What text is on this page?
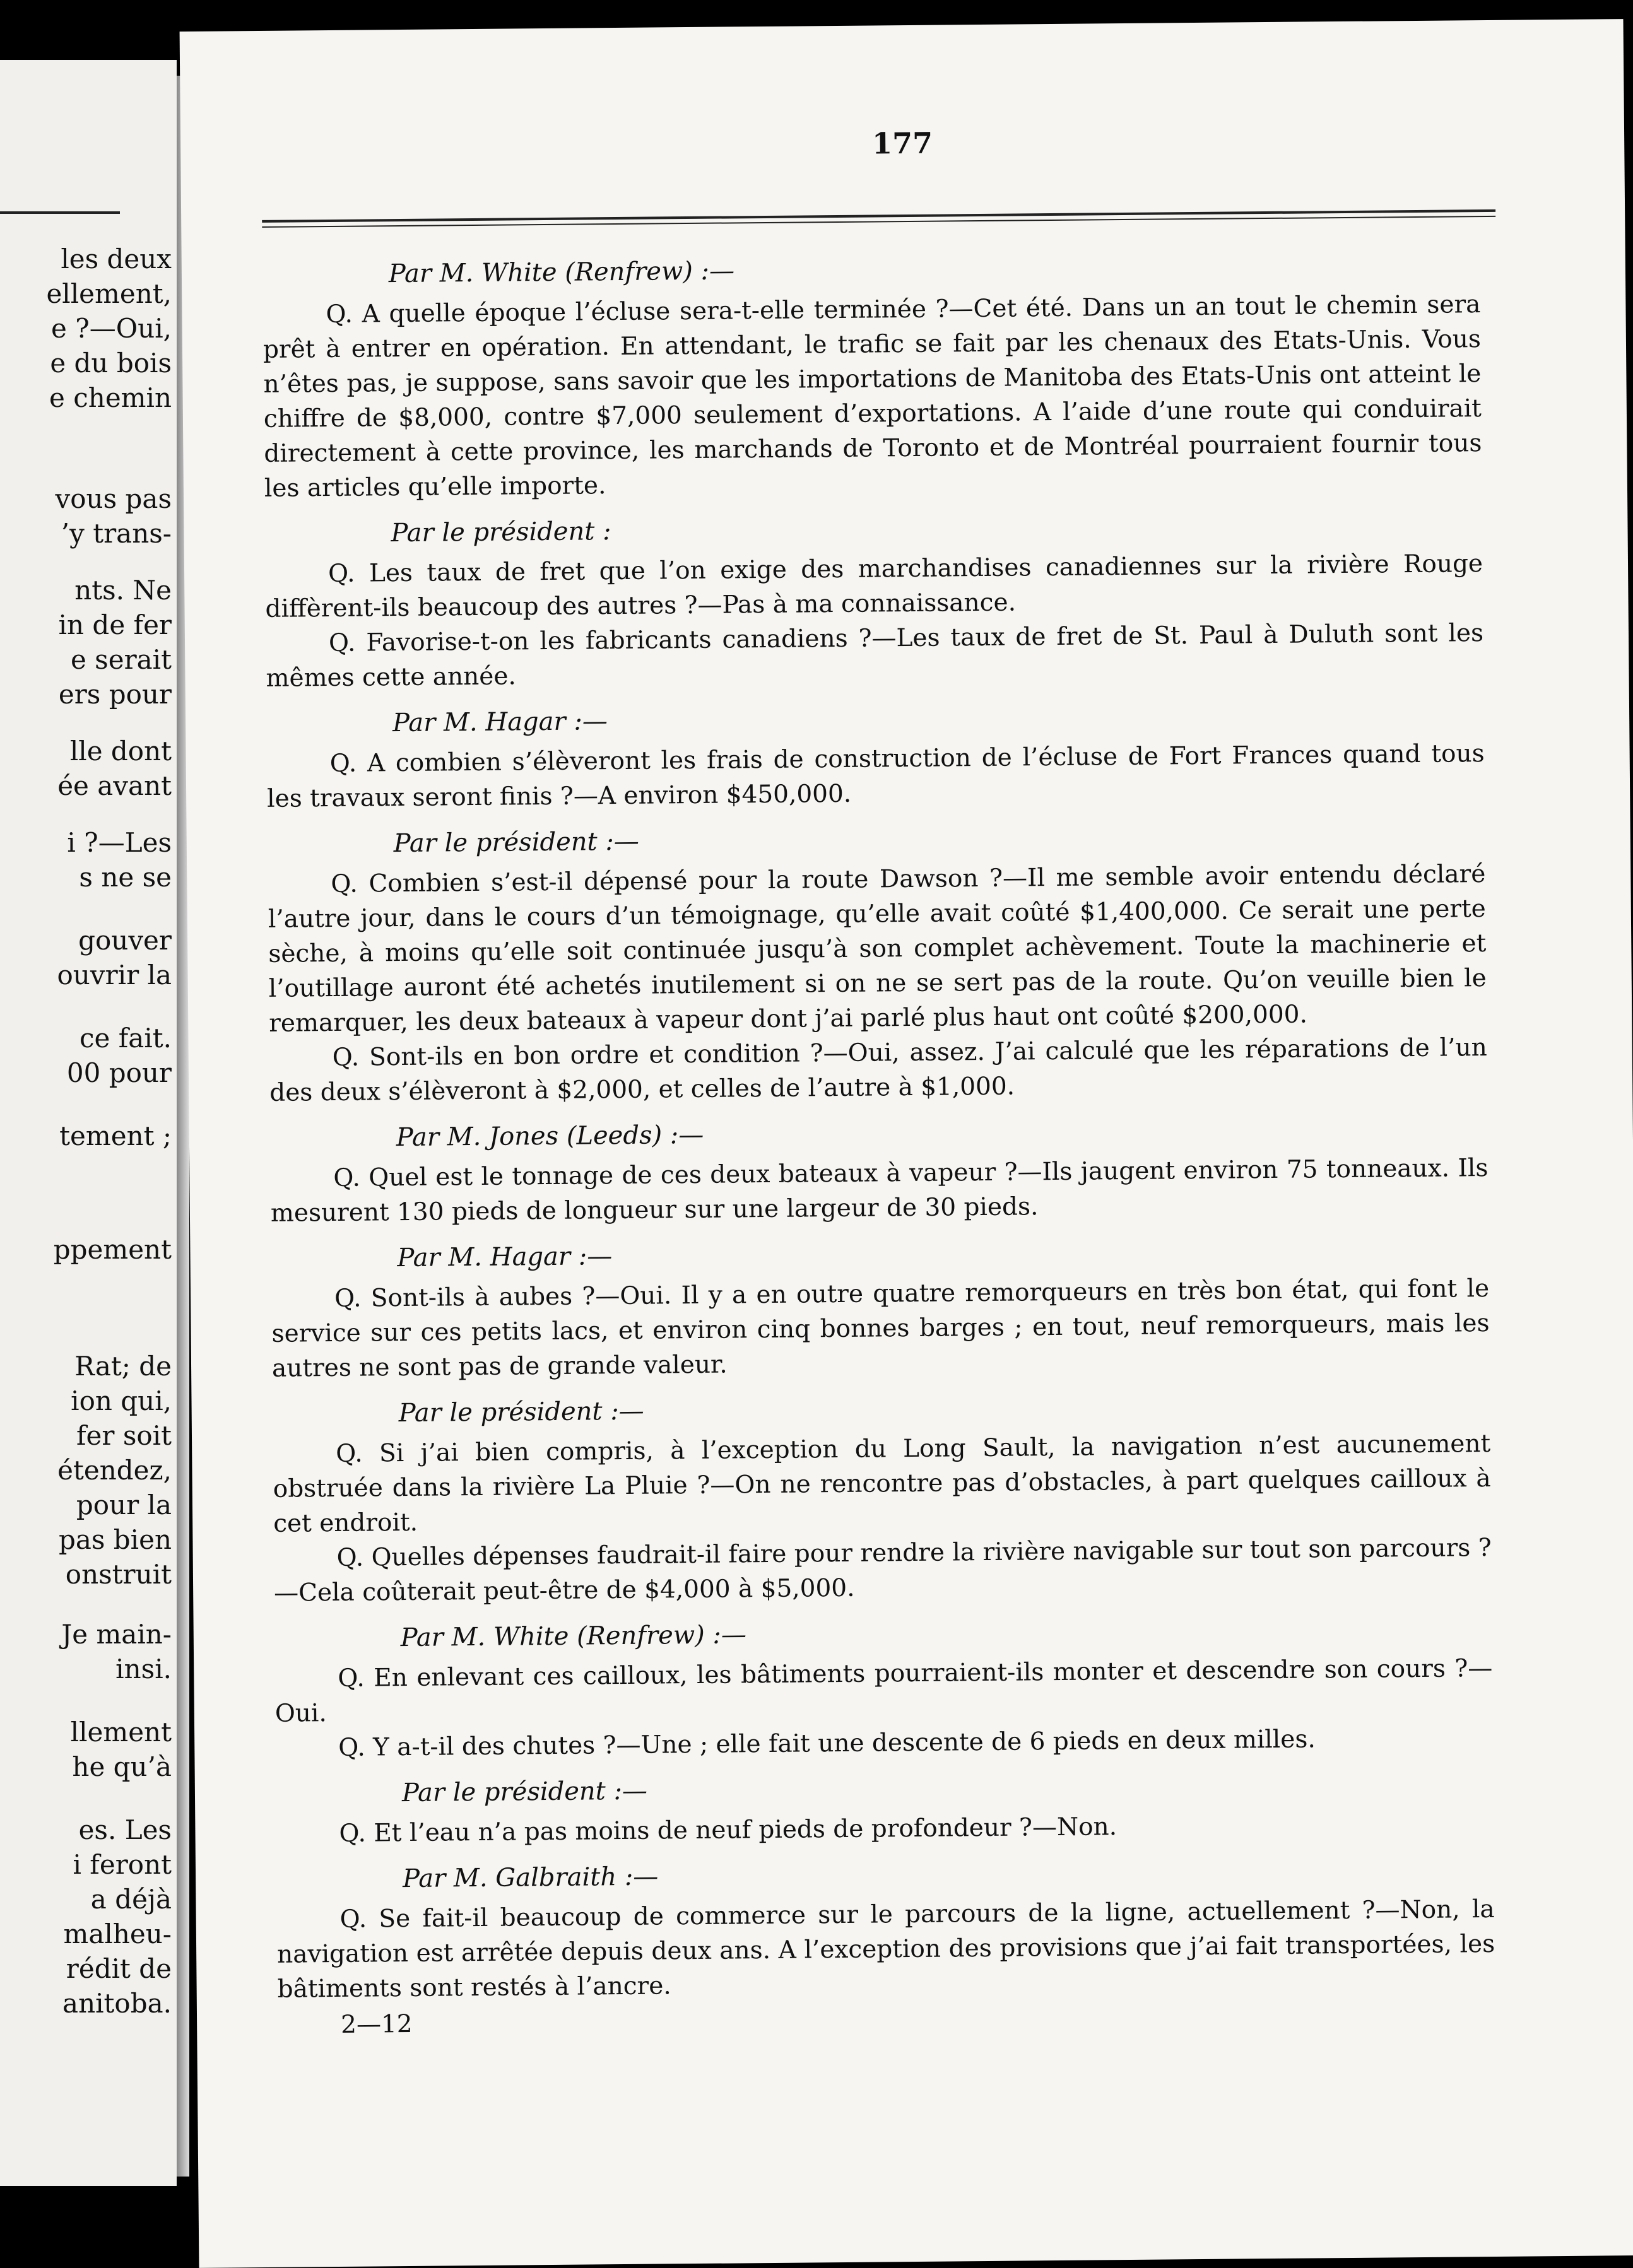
les deux
ellement,
e ?—Oui,
e du bois
e chemin
vous pas
’y trans-
nts. Ne
in de fer
e serait
ers pour
lle dont
ée avant
i ?—Les
s ne se
gouver
ouvrir la
ce fait.
00 pour
tement ;
ppement
Rat; de
ion qui,
fer soit
étendez,
pour la
pas bien
onstruit
Je main-
insi.
llement
he qu’à
es. Les
i feront
a déjà
malheu-
rédit de
anitoba.
177
Par M. White (Renfrew) :—

Q. A quelle époque l’écluse sera-t-elle terminée ?—Cet été. Dans un an tout le chemin sera prêt à entrer en opération. En attendant, le trafic se fait par les chenaux des Etats-Unis. Vous n’êtes pas, je suppose, sans savoir que les importations de Manitoba des Etats-Unis ont atteint le chiffre de $8,000, contre $7,000 seulement d’exportations. A l’aide d’une route qui conduirait directement à cette province, les marchands de Toronto et de Montréal pourraient fournir tous les articles qu’elle importe.

Par le président :

Q. Les taux de fret que l’on exige des marchandises canadiennes sur la rivière Rouge diffèrent-ils beaucoup des autres ?—Pas à ma connaissance.

Q. Favorise-t-on les fabricants canadiens ?—Les taux de fret de St. Paul à Duluth sont les mêmes cette année.

Par M. Hagar :—

Q. A combien s’élèveront les frais de construction de l’écluse de Fort Frances quand tous les travaux seront finis ?—A environ $450,000.

Par le président :—

Q. Combien s’est-il dépensé pour la route Dawson ?—Il me semble avoir entendu déclaré l’autre jour, dans le cours d’un témoignage, qu’elle avait coûté $1,400,000. Ce serait une perte sèche, à moins qu’elle soit continuée jusqu’à son complet achèvement. Toute la machinerie et l’outillage auront été achetés inutilement si on ne se sert pas de la route. Qu’on veuille bien le remarquer, les deux bateaux à vapeur dont j’ai parlé plus haut ont coûté $200,000.

Q. Sont-ils en bon ordre et condition ?—Oui, assez. J’ai calculé que les réparations de l’un des deux s’élèveront à $2,000, et celles de l’autre à $1,000.

Par M. Jones (Leeds) :—

Q. Quel est le tonnage de ces deux bateaux à vapeur ?—Ils jaugent environ 75 tonneaux. Ils mesurent 130 pieds de longueur sur une largeur de 30 pieds.

Par M. Hagar :—

Q. Sont-ils à aubes ?—Oui. Il y a en outre quatre remorqueurs en très bon état, qui font le service sur ces petits lacs, et environ cinq bonnes barges ; en tout, neuf remorqueurs, mais les autres ne sont pas de grande valeur.

Par le président :—

Q. Si j’ai bien compris, à l’exception du Long Sault, la navigation n’est aucunement obstruée dans la rivière La Pluie ?—On ne rencontre pas d’obstacles, à part quelques cailloux à cet endroit.

Q. Quelles dépenses faudrait-il faire pour rendre la rivière navigable sur tout son parcours ?—Cela coûterait peut-être de $4,000 à $5,000.

Par M. White (Renfrew) :—

Q. En enlevant ces cailloux, les bâtiments pourraient-ils monter et descendre son cours ?—Oui.

Q. Y a-t-il des chutes ?—Une ; elle fait une descente de 6 pieds en deux milles.

Par le président :—

Q. Et l’eau n’a pas moins de neuf pieds de profondeur ?—Non.

Par M. Galbraith :—

Q. Se fait-il beaucoup de commerce sur le parcours de la ligne, actuellement ?—Non, la navigation est arrêtée depuis deux ans. A l’exception des provisions que j’ai fait transportées, les bâtiments sont restés à l’ancre.

2—12
